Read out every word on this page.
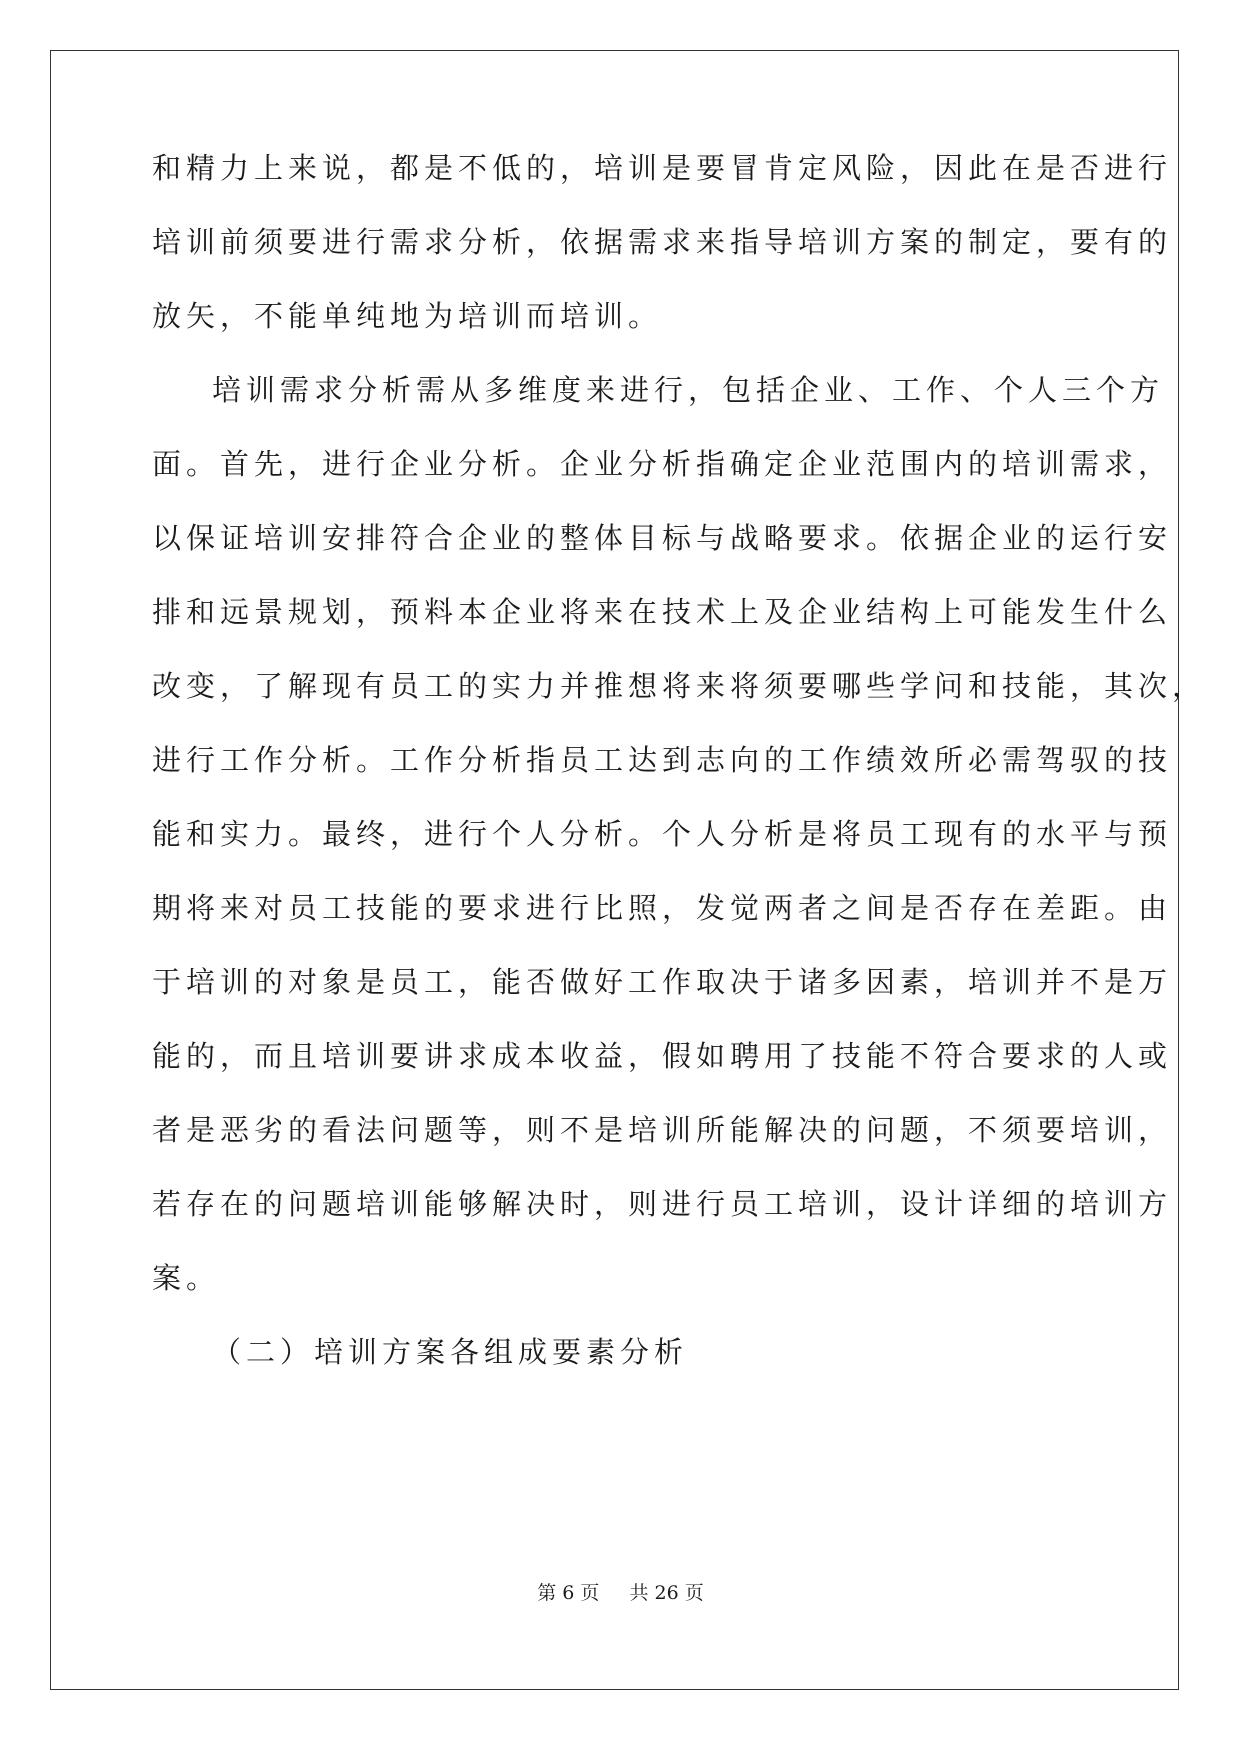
和精力上来说，都是不低的，培训是要冒肯定风险，因此在是否进行
培训前须要进行需求分析，依据需求来指导培训方案的制定，要有的
放矢，不能单纯地为培训而培训。
培训需求分析需从多维度来进行，包括企业、工作、个人三个方
面。首先，进行企业分析。企业分析指确定企业范围内的培训需求，
以保证培训安排符合企业的整体目标与战略要求。依据企业的运行安
排和远景规划，预料本企业将来在技术上及企业结构上可能发生什么
改变，了解现有员工的实力并推想将来将须要哪些学问和技能，其次，
进行工作分析。工作分析指员工达到志向的工作绩效所必需驾驭的技
能和实力。最终，进行个人分析。个人分析是将员工现有的水平与预
期将来对员工技能的要求进行比照，发觉两者之间是否存在差距。由
于培训的对象是员工，能否做好工作取决于诸多因素，培训并不是万
能的，而且培训要讲求成本收益，假如聘用了技能不符合要求的人或
者是恶劣的看法问题等，则不是培训所能解决的问题，不须要培训，
若存在的问题培训能够解决时，则进行员工培训，设计详细的培训方
案。
（二）培训方案各组成要素分析
第 6 页 共 26 页
